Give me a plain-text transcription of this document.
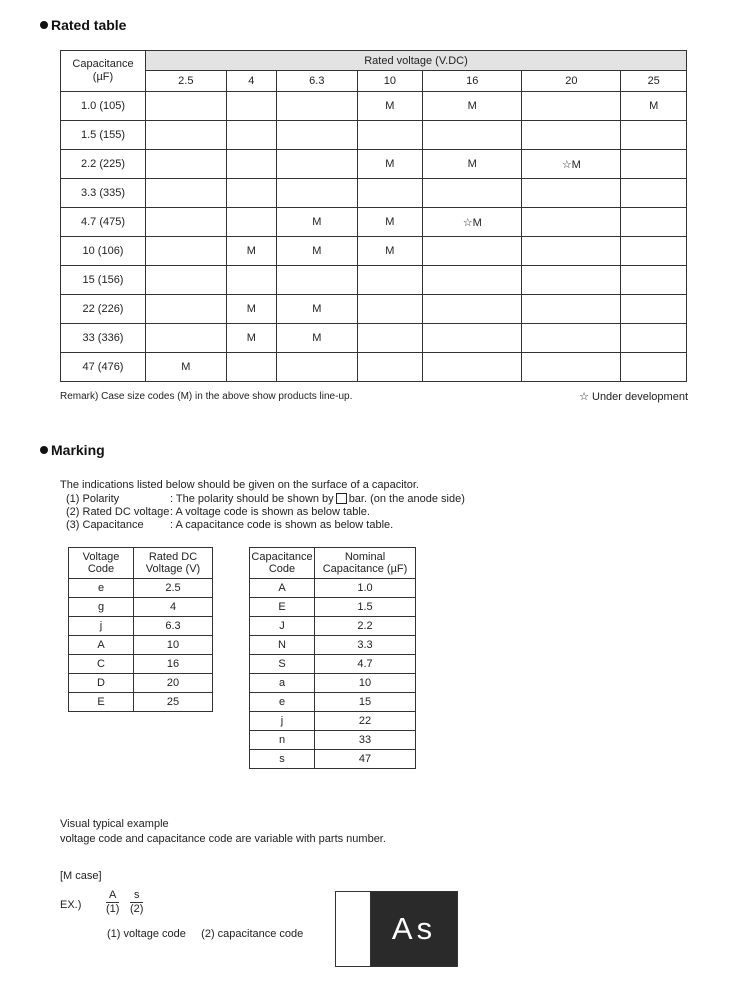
Rated table
Capacitance
(µF)	Rated voltage (V.DC)						
	2.5	4	6.3	10	16	20	25
1.0 (105)				M	M		M
1.5 (155)							
2.2 (225)				M	M	☆M	
3.3 (335)							
4.7 (475)			M	M	☆M		
10 (106)		M	M	M			
15 (156)							
22 (226)		M	M				
33 (336)		M	M				
47 (476)	M						
Remark) Case size codes (M) in the above show products line-up.	☆ Under development
Marking
The indications listed below should be given on the surface of a capacitor.
(1) Polarity	: The polarity should be shown by bar. (on the anode side)
(2) Rated DC voltage : A voltage code is shown as below table.
(3) Capacitance	: A capacitance code is shown as below table.
Voltage
Code	Rated DC
Voltage (V)
e	2.5
g	4
j	6.3
A	10
C	16
D	20
E	25
Capacitance
Code	Nominal
Capacitance (µF)
A	1.0
E	1.5
J	2.2
N	3.3
S	4.7
a	10
e	15
j	22
n	33
s	47
Visual typical example
voltage code and capacitance code are variable with parts number.
[M case]
$EX.) \frac{A}{(1)} \frac{s}{(2)}$
(1) voltage code     (2) capacitance code	As
